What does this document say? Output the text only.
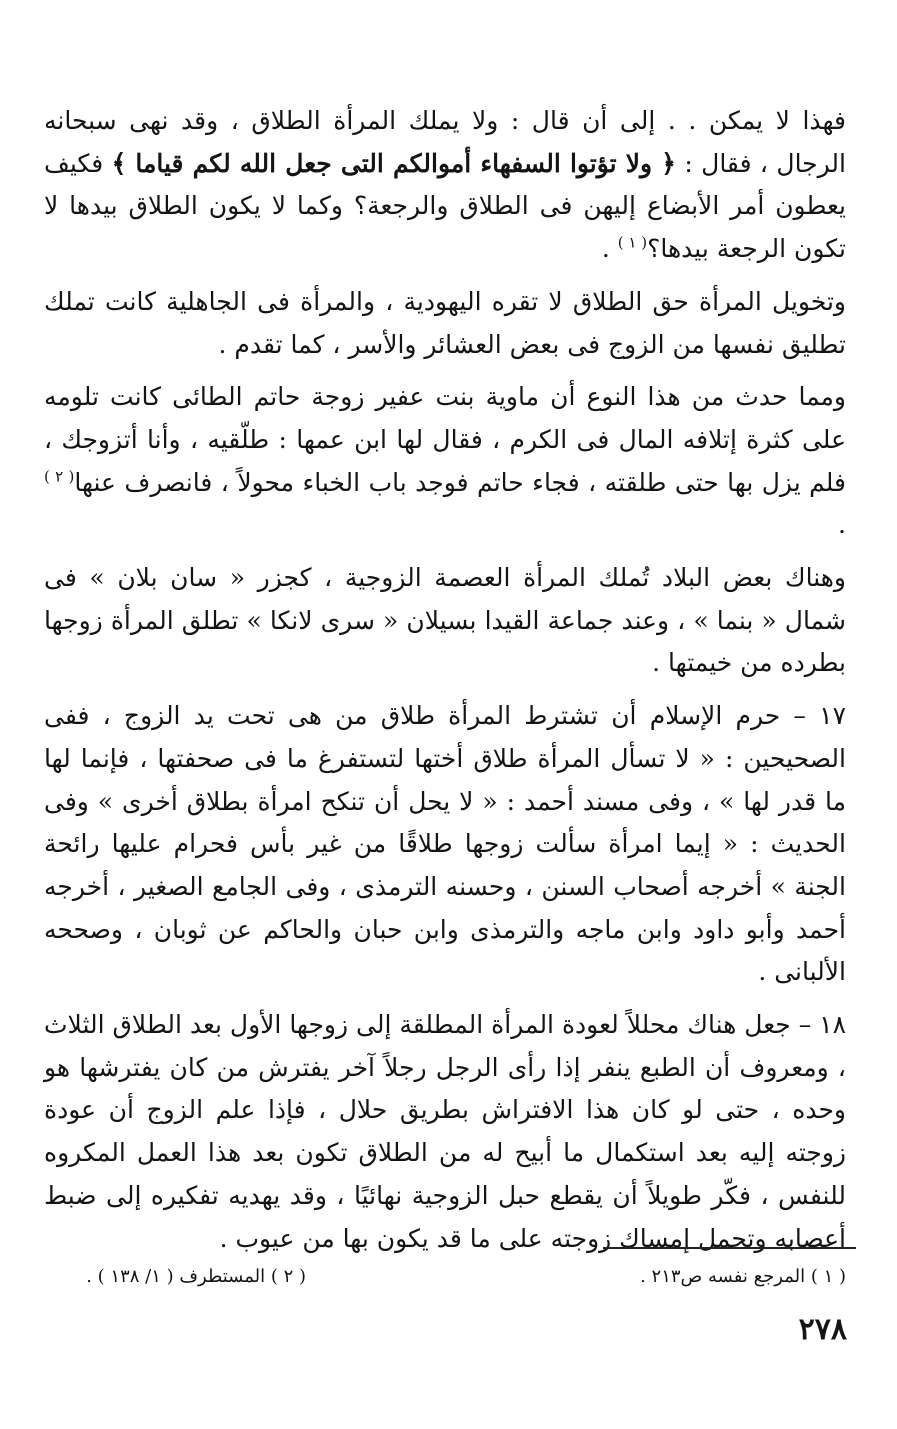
فهذا لا يمكن . . إلى أن قال : ولا يملك المرأة الطلاق ، وقد نهى سبحانه الرجال ، فقال : ﴿ ولا تؤتوا السفهاء أموالكم التى جعل الله لكم قياما ﴾ فكيف يعطون أمر الأبضاع إليهن فى الطلاق والرجعة؟ وكما لا يكون الطلاق بيدها لا تكون الرجعة بيدها؟$^{( ١ )}$ .

وتخويل المرأة حق الطلاق لا تقره اليهودية ، والمرأة فى الجاهلية كانت تملك تطليق نفسها من الزوج فى بعض العشائر والأسر ، كما تقدم .

ومما حدث من هذا النوع أن ماوية بنت عفير زوجة حاتم الطائى كانت تلومه على كثرة إتلافه المال فى الكرم ، فقال لها ابن عمها : طلّقيه ، وأنا أتزوجك ، فلم يزل بها حتى طلقته ، فجاء حاتم فوجد باب الخباء محولاً ، فانصرف عنها$^{( ٢ )}$ .

وهناك بعض البلاد تُملك المرأة العصمة الزوجية ، كجزر « سان بلان » فى شمال « بنما » ، وعند جماعة القيدا بسيلان « سرى لانكا » تطلق المرأة زوجها بطرده من خيمتها .

١٧ – حرم الإسلام أن تشترط المرأة طلاق من هى تحت يد الزوج ، ففى الصحيحين : « لا تسأل المرأة طلاق أختها لتستفرغ ما فى صحفتها ، فإنما لها ما قدر لها » ، وفى مسند أحمد : « لا يحل أن تنكح امرأة بطلاق أخرى » وفى الحديث : « إيما امرأة سألت زوجها طلاقًا من غير بأس فحرام عليها رائحة الجنة » أخرجه أصحاب السنن ، وحسنه الترمذى ، وفى الجامع الصغير ، أخرجه أحمد وأبو داود وابن ماجه والترمذى وابن حبان والحاكم عن ثوبان ، وصححه الألبانى .

١٨ – جعل هناك محللاً لعودة المرأة المطلقة إلى زوجها الأول بعد الطلاق الثلاث ، ومعروف أن الطبع ينفر إذا رأى الرجل رجلاً آخر يفترش من كان يفترشها هو وحده ، حتى لو كان هذا الافتراش بطريق حلال ، فإذا علم الزوج أن عودة زوجته إليه بعد استكمال ما أبيح له من الطلاق تكون بعد هذا العمل المكروه للنفس ، فكّر طويلاً أن يقطع حبل الزوجية نهائيًا ، وقد يهديه تفكيره إلى ضبط أعصابه وتحمل إمساك زوجته على ما قد يكون بها من عيوب .

( ١ ) المرجع نفسه ص٢١٣ .
( ٢ ) المستطرف ( ١/ ١٣٨ ) .
٢٧٨
